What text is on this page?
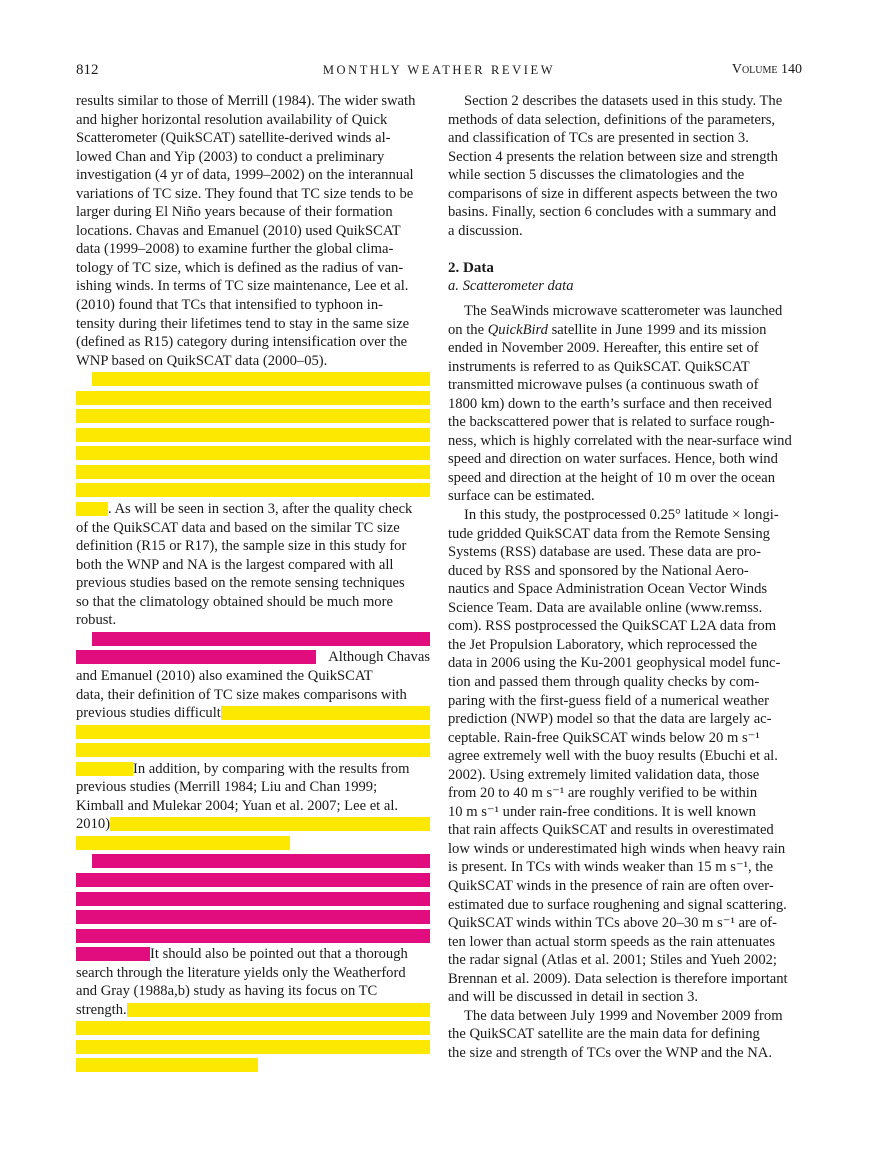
812	MONTHLY WEATHER REVIEW	Volume 140
results similar to those of Merrill (1984). The wider swath
and higher horizontal resolution availability of Quick
Scatterometer (QuikSCAT) satellite-derived winds al-
lowed Chan and Yip (2003) to conduct a preliminary
investigation (4 yr of data, 1999–2002) on the interannual
variations of TC size. They found that TC size tends to be
larger during El Niño years because of their formation
locations. Chavas and Emanuel (2010) used QuikSCAT
data (1999–2008) to examine further the global clima-
tology of TC size, which is defined as the radius of van-
ishing winds. In terms of TC size maintenance, Lee et al.
(2010) found that TCs that intensified to typhoon in-
tensity during their lifetimes tend to stay in the same size
(defined as R15) category during intensification over the
WNP based on QuikSCAT data (2000–05).
. As will be seen in section 3, after the quality check
of the QuikSCAT data and based on the similar TC size
definition (R15 or R17), the sample size in this study for
both the WNP and NA is the largest compared with all
previous studies based on the remote sensing techniques
so that the climatology obtained should be much more
robust.
Although Chavas
and Emanuel (2010) also examined the QuikSCAT
data, their definition of TC size makes comparisons with
previous studies difficult
In addition, by comparing with the results from
previous studies (Merrill 1984; Liu and Chan 1999;
Kimball and Mulekar 2004; Yuan et al. 2007; Lee et al.
2010)
It should also be pointed out that a thorough
search through the literature yields only the Weatherford
and Gray (1988a,b) study as having its focus on TC
strength.
Section 2 describes the datasets used in this study. The
methods of data selection, definitions of the parameters,
and classification of TCs are presented in section 3.
Section 4 presents the relation between size and strength
while section 5 discusses the climatologies and the
comparisons of size in different aspects between the two
basins. Finally, section 6 concludes with a summary and
a discussion.
2. Data
a. Scatterometer data
The SeaWinds microwave scatterometer was launched
on the QuickBird satellite in June 1999 and its mission
ended in November 2009. Hereafter, this entire set of
instruments is referred to as QuikSCAT. QuikSCAT
transmitted microwave pulses (a continuous swath of
1800 km) down to the earth’s surface and then received
the backscattered power that is related to surface rough-
ness, which is highly correlated with the near-surface wind
speed and direction on water surfaces. Hence, both wind
speed and direction at the height of 10 m over the ocean
surface can be estimated.
In this study, the postprocessed 0.25° latitude × longi-
tude gridded QuikSCAT data from the Remote Sensing
Systems (RSS) database are used. These data are pro-
duced by RSS and sponsored by the National Aero-
nautics and Space Administration Ocean Vector Winds
Science Team. Data are available online (www.remss.
com). RSS postprocessed the QuikSCAT L2A data from
the Jet Propulsion Laboratory, which reprocessed the
data in 2006 using the Ku-2001 geophysical model func-
tion and passed them through quality checks by com-
paring with the first-guess field of a numerical weather
prediction (NWP) model so that the data are largely ac-
ceptable. Rain-free QuikSCAT winds below 20 m s⁻¹
agree extremely well with the buoy results (Ebuchi et al.
2002). Using extremely limited validation data, those
from 20 to 40 m s⁻¹ are roughly verified to be within
10 m s⁻¹ under rain-free conditions. It is well known
that rain affects QuikSCAT and results in overestimated
low winds or underestimated high winds when heavy rain
is present. In TCs with winds weaker than 15 m s⁻¹, the
QuikSCAT winds in the presence of rain are often over-
estimated due to surface roughening and signal scattering.
QuikSCAT winds within TCs above 20–30 m s⁻¹ are of-
ten lower than actual storm speeds as the rain attenuates
the radar signal (Atlas et al. 2001; Stiles and Yueh 2002;
Brennan et al. 2009). Data selection is therefore important
and will be discussed in detail in section 3.
The data between July 1999 and November 2009 from
the QuikSCAT satellite are the main data for defining
the size and strength of TCs over the WNP and the NA.
